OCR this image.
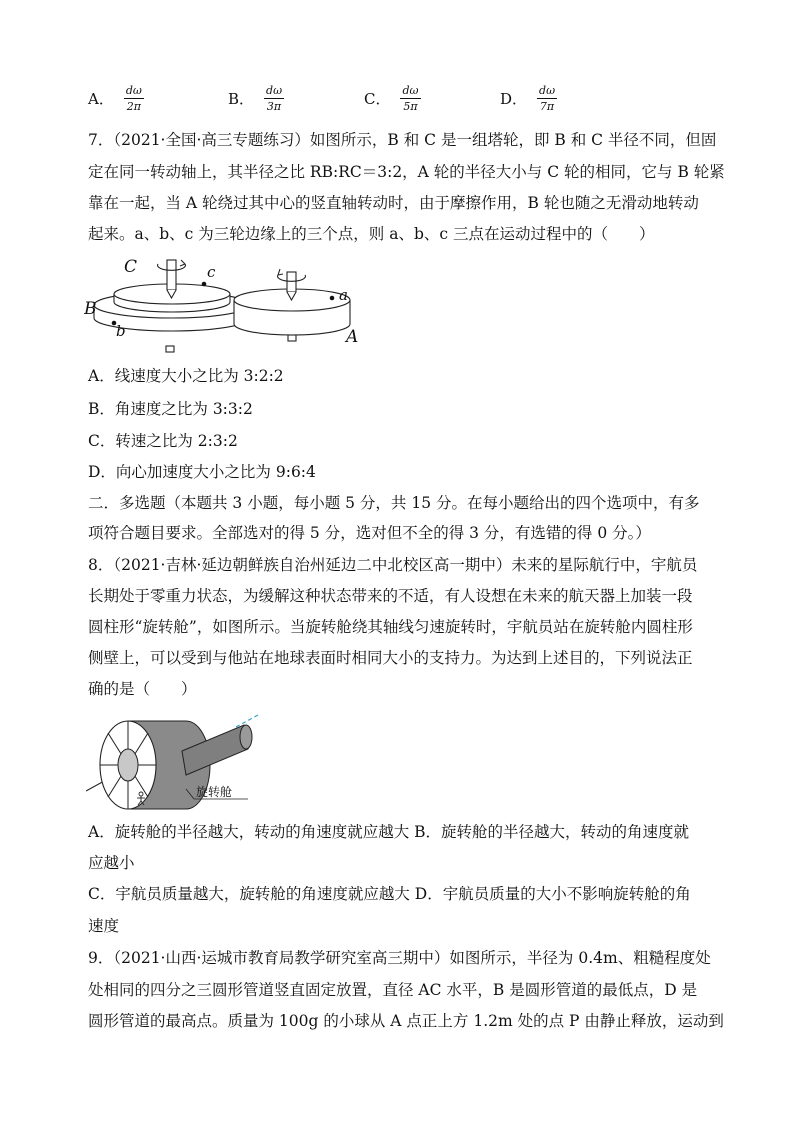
A． $\frac{d\omega}{2\pi}$	B． $\frac{d\omega}{3\pi}$	C． $\frac{d\omega}{5\pi}$	D． $\frac{d\omega}{7\pi}$
7．（2021·全国·高三专题练习）如图所示，B 和 C 是一组塔轮，即 B 和 C 半径不同，但固
定在同一转动轴上，其半径之比 RB:RC＝3:2，A 轮的半径大小与 C 轮的相同，它与 B 轮紧
靠在一起，当 A 轮绕过其中心的竖直轴转动时，由于摩擦作用，B 轮也随之无滑动地转动
起来。a、b、c 为三轮边缘上的三个点，则 a、b、c 三点在运动过程中的（　　）
C	c
B
b
a
A
A．线速度大小之比为 3:2:2
B．角速度之比为 3:3:2
C．转速之比为 2:3:2
D．向心加速度大小之比为 9:6:4
二．多选题（本题共 3 小题，每小题 5 分，共 15 分。在每小题给出的四个选项中，有多
项符合题目要求。全部选对的得 5 分，选对但不全的得 3 分，有选错的得 0 分。）
8．（2021·吉林·延边朝鲜族自治州延边二中北校区高一期中）未来的星际航行中，宇航员
长期处于零重力状态，为缓解这种状态带来的不适，有人设想在未来的航天器上加装一段
圆柱形“旋转舱”，如图所示。当旋转舱绕其轴线匀速旋转时，宇航员站在旋转舱内圆柱形
侧壁上，可以受到与他站在地球表面时相同大小的支持力。为达到上述目的，下列说法正
确的是（　　）
旋转舱
A．旋转舱的半径越大，转动的角速度就应越大 B．旋转舱的半径越大，转动的角速度就
应越小
C．宇航员质量越大，旋转舱的角速度就应越大 D．宇航员质量的大小不影响旋转舱的角
速度
9．（2021·山西·运城市教育局教学研究室高三期中）如图所示，半径为 0.4m、粗糙程度处
处相同的四分之三圆形管道竖直固定放置，直径 AC 水平，B 是圆形管道的最低点，D 是
圆形管道的最高点。质量为 100g 的小球从 A 点正上方 1.2m 处的点 P 由静止释放，运动到
